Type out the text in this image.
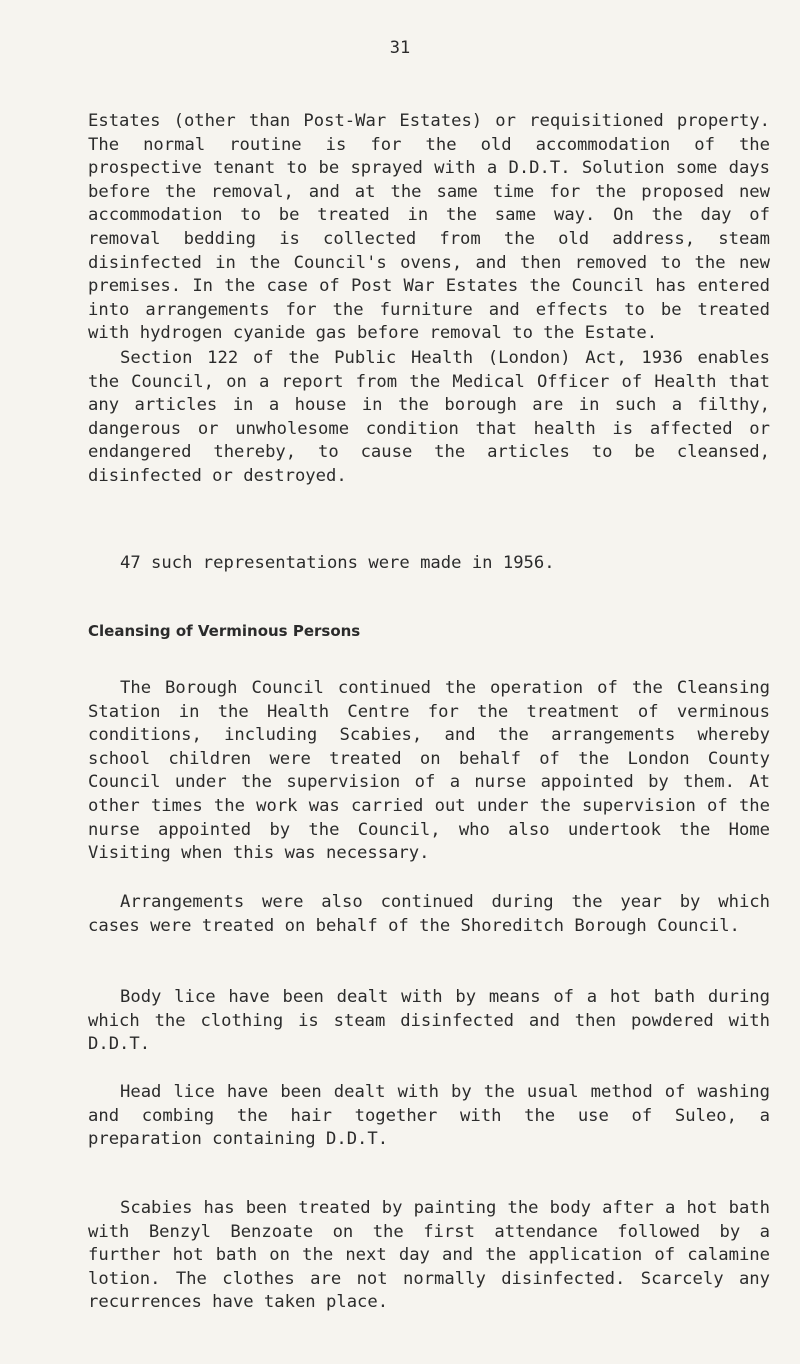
31

Estates (other than Post-War Estates) or requisitioned property. The normal routine is for the old accommodation of the prospective tenant to be sprayed with a D.D.T. Solution some days before the removal, and at the same time for the proposed new accommodation to be treated in the same way. On the day of removal bedding is collected from the old address, steam disinfected in the Council's ovens, and then removed to the new premises. In the case of Post War Estates the Council has entered into arrangements for the furniture and effects to be treated with hydrogen cyanide gas before removal to the Estate.

Section 122 of the Public Health (London) Act, 1936 enables the Council, on a report from the Medical Officer of Health that any articles in a house in the borough are in such a filthy, dangerous or unwholesome condition that health is affected or endangered thereby, to cause the articles to be cleansed, disinfected or destroyed.

47 such representations were made in 1956.

Cleansing of Verminous Persons

The Borough Council continued the operation of the Cleansing Station in the Health Centre for the treatment of verminous conditions, including Scabies, and the arrangements whereby school children were treated on behalf of the London County Council under the supervision of a nurse appointed by them. At other times the work was carried out under the supervision of the nurse appointed by the Council, who also undertook the Home Visiting when this was necessary.

Arrangements were also continued during the year by which cases were treated on behalf of the Shoreditch Borough Council.

Body lice have been dealt with by means of a hot bath during which the clothing is steam disinfected and then powdered with D.D.T.

Head lice have been dealt with by the usual method of washing and combing the hair together with the use of Suleo, a preparation containing D.D.T.

Scabies has been treated by painting the body after a hot bath with Benzyl Benzoate on the first attendance followed by a further hot bath on the next day and the application of calamine lotion. The clothes are not normally disinfected. Scarcely any recurrences have taken place.
